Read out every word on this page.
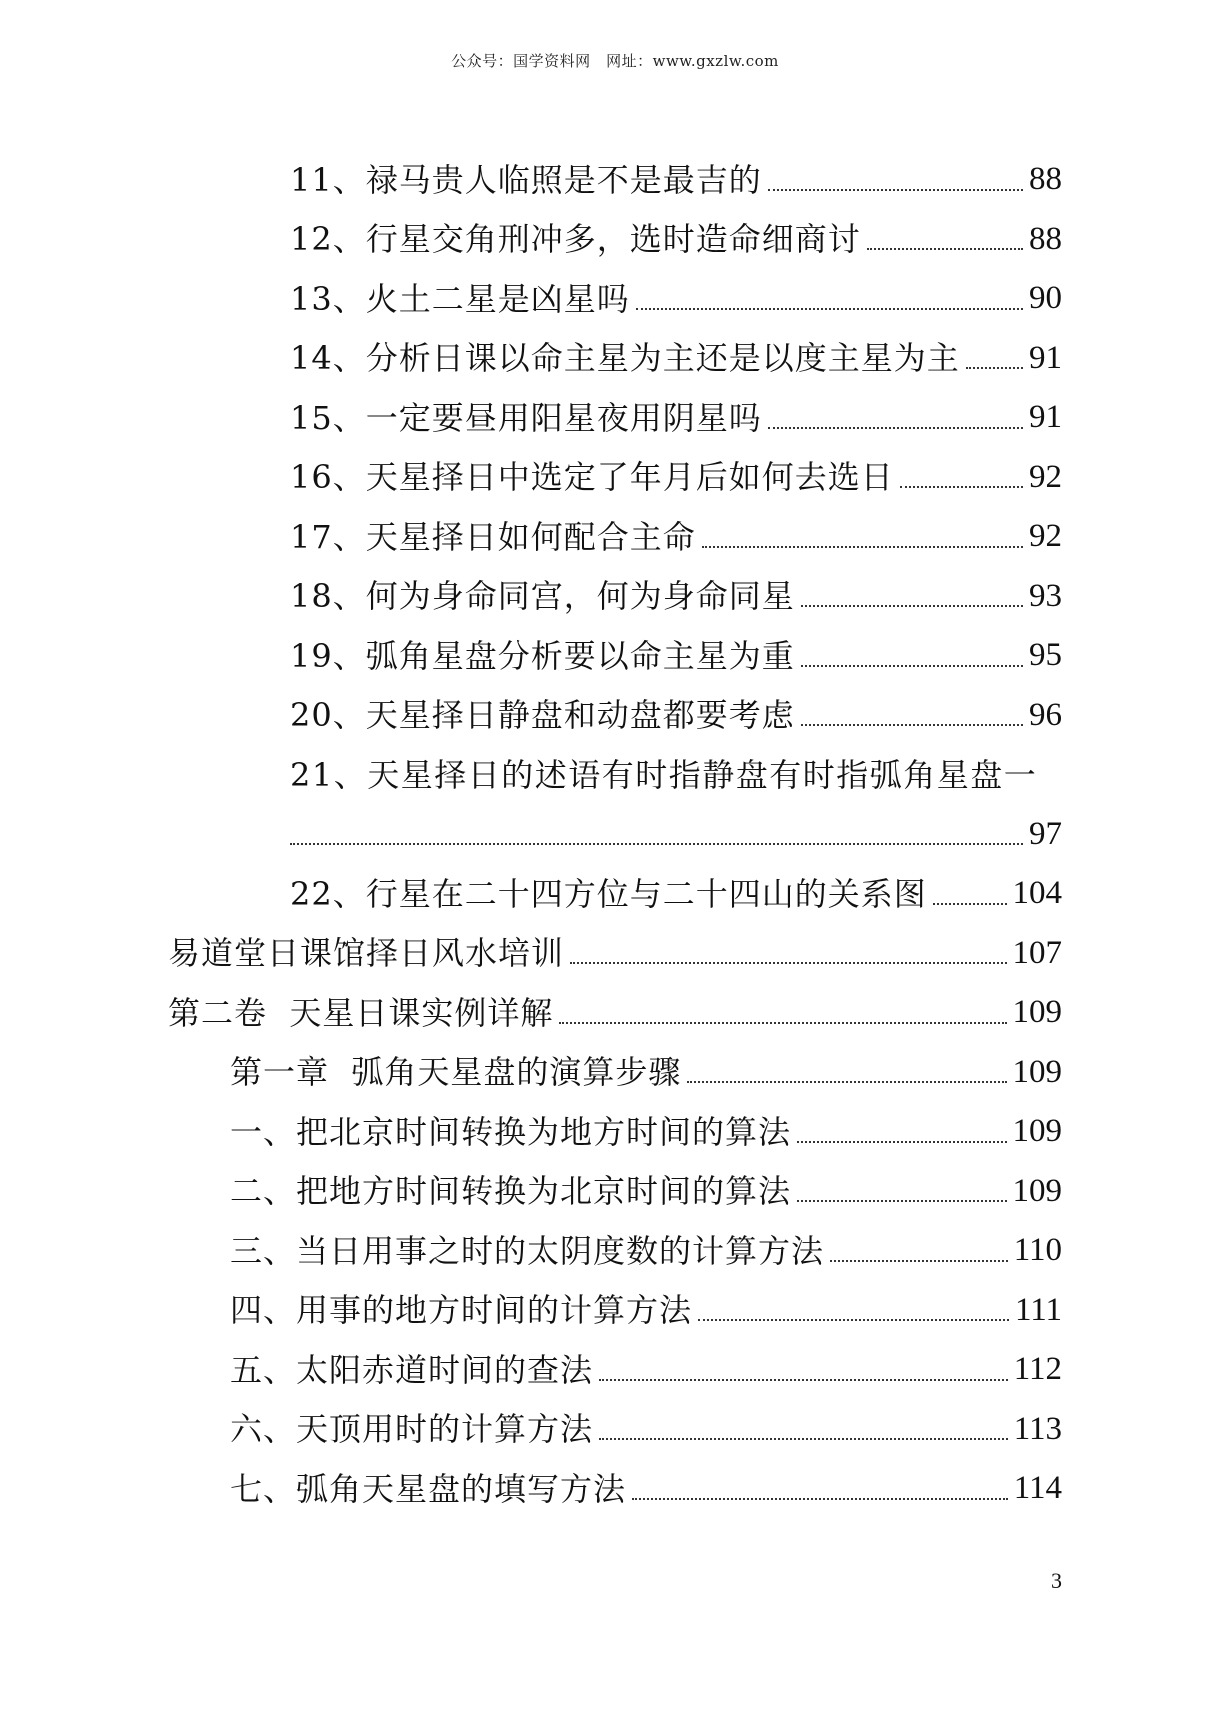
公众号：国学资料网　网址：www.gxzlw.com
11、禄马贵人临照是不是最吉的	88
12、行星交角刑冲多，选时造命细商讨	88
13、火土二星是凶星吗	90
14、分析日课以命主星为主还是以度主星为主 91
15、一定要昼用阳星夜用阴星吗	91
16、天星择日中选定了年月后如何去选日	92
17、天星择日如何配合主命	92
18、何为身命同宫，何为身命同星	93
19、弧角星盘分析要以命主星为重	95
20、天星择日静盘和动盘都要考虑	96
21、天星择日的述语有时指静盘有时指弧角星盘一
97
22、行星在二十四方位与二十四山的关系图	104
易道堂日课馆择日风水培训	107
第二卷  天星日课实例详解	109
第一章  弧角天星盘的演算步骤	109
一、把北京时间转换为地方时间的算法	109
二、把地方时间转换为北京时间的算法	109
三、当日用事之时的太阴度数的计算方法	110
四、用事的地方时间的计算方法	111
五、太阳赤道时间的查法	112
六、天顶用时的计算方法	113
七、弧角天星盘的填写方法	114
3
